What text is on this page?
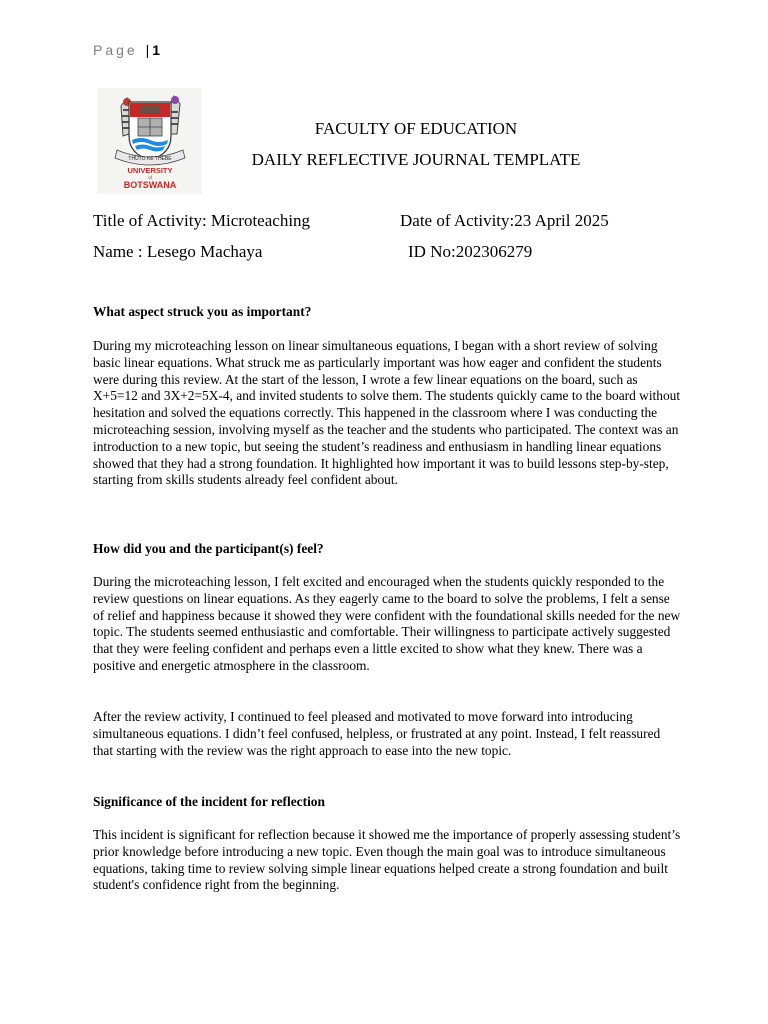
Page | 1
THUTO KE THEBE
UNIVERSITY
of
BOTSWANA
FACULTY OF EDUCATION
DAILY REFLECTIVE JOURNAL TEMPLATE
Title of Activity: Microteaching	Date of Activity:23 April 2025
Name : Lesego Machaya	ID No:202306279
What aspect struck you as important?

During my microteaching lesson on linear simultaneous equations, I began with a short review of solving basic linear equations. What struck me as particularly important was how eager and confident the students were during this review. At the start of the lesson, I wrote a few linear equations on the board, such as X+5=12 and 3X+2=5X-4, and invited students to solve them. The students quickly came to the board without hesitation and solved the equations correctly. This happened in the classroom where I was conducting the microteaching session, involving myself as the teacher and the students who participated. The context was an introduction to a new topic, but seeing the student’s readiness and enthusiasm in handling linear equations showed that they had a strong foundation. It highlighted how important it was to build lessons step-by-step, starting from skills students already feel confident about.

How did you and the participant(s) feel?

During the microteaching lesson, I felt excited and encouraged when the students quickly responded to the review questions on linear equations. As they eagerly came to the board to solve the problems, I felt a sense of relief and happiness because it showed they were confident with the foundational skills needed for the new topic. The students seemed enthusiastic and comfortable. Their willingness to participate actively suggested that they were feeling confident and perhaps even a little excited to show what they knew. There was a positive and energetic atmosphere in the classroom.

After the review activity, I continued to feel pleased and motivated to move forward into introducing simultaneous equations. I didn’t feel confused, helpless, or frustrated at any point. Instead, I felt reassured that starting with the review was the right approach to ease into the new topic.

Significance of the incident for reflection

This incident is significant for reflection because it showed me the importance of properly assessing student’s prior knowledge before introducing a new topic. Even though the main goal was to introduce simultaneous equations, taking time to review solving simple linear equations helped create a strong foundation and built student's confidence right from the beginning.
